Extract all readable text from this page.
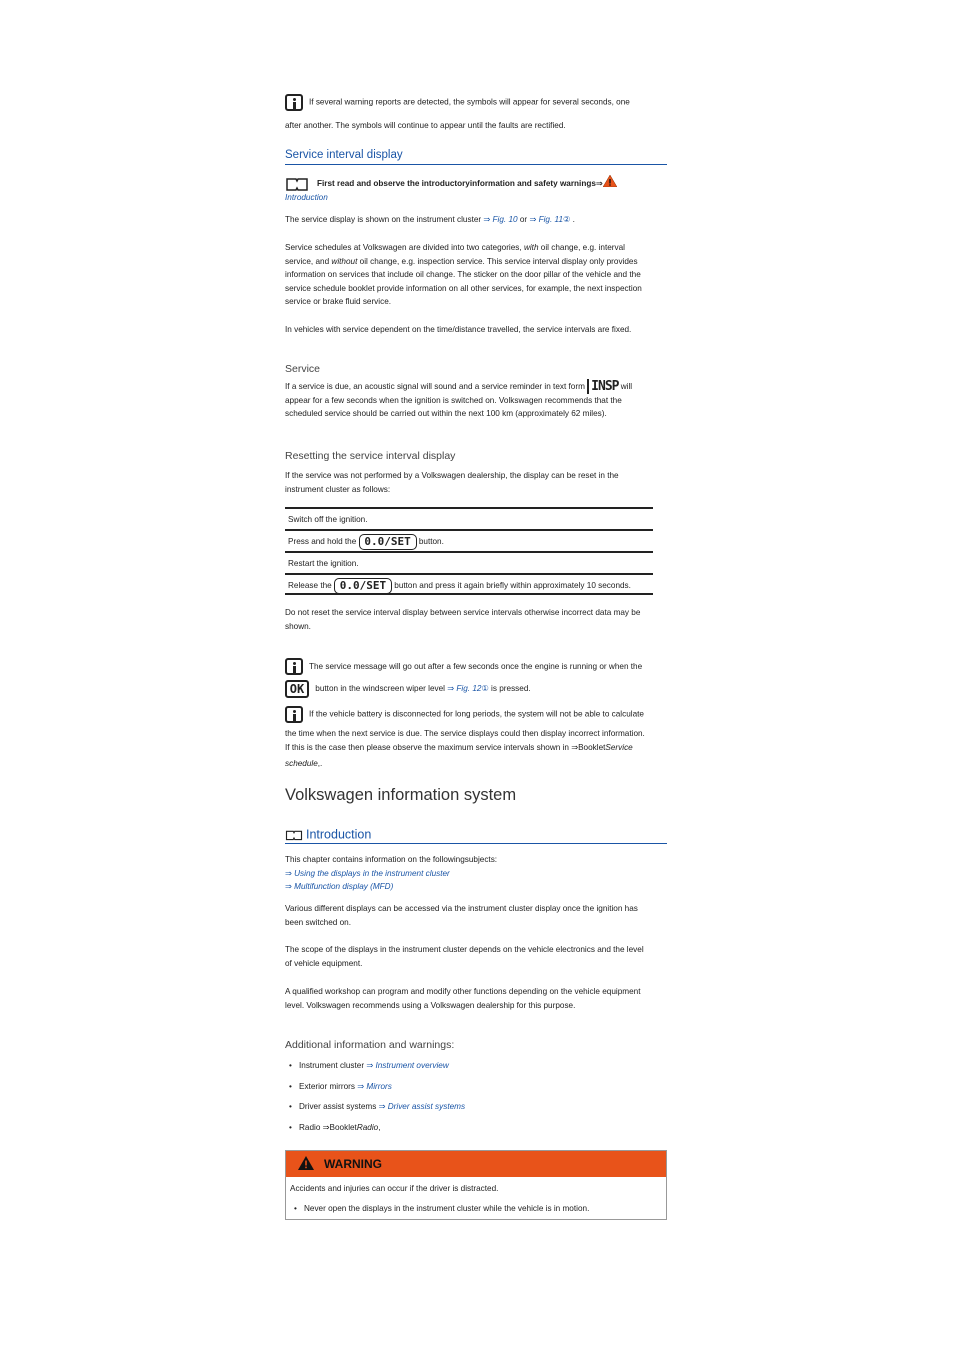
If several warning reports are detected, the symbols will appear for several seconds, one
after another. The symbols will continue to appear until the faults are rectified.
Service interval display
First read and observe the introductoryinformation and safety warnings⇒
Introduction
The service display is shown on the instrument cluster ⇒ Fig. 10 or ⇒ Fig. 11② .
Service schedules at Volkswagen are divided into two categories, with oil change, e.g. interval
service, and without oil change, e.g. inspection service. This service interval display only provides
information on services that include oil change. The sticker on the door pillar of the vehicle and the
service schedule booklet provide information on all other services, for example, the next inspection
service or brake fluid service.
In vehicles with service dependent on the time/distance travelled, the service intervals are fixed.
Service
If a service is due, an acoustic signal will sound and a service reminder in text form INSP will
appear for a few seconds when the ignition is switched on. Volkswagen recommends that the
scheduled service should be carried out within the next 100 km (approximately 62 miles).
Resetting the service interval display
If the service was not performed by a Volkswagen dealership, the display can be reset in the
instrument cluster as follows:
Switch off the ignition.
Press and hold the 0.0/SET button.
Restart the ignition.
Release the 0.0/SET button and press it again briefly within approximately 10 seconds.
Do not reset the service interval display between service intervals otherwise incorrect data may be
shown.
The service message will go out after a few seconds once the engine is running or when the
OK button in the windscreen wiper level ⇒ Fig. 12① is pressed.
If the vehicle battery is disconnected for long periods, the system will not be able to calculate
the time when the next service is due. The service displays could then display incorrect information.
If this is the case then please observe the maximum service intervals shown in ⇒BookletService
schedule,.
Volkswagen information system
Introduction
This chapter contains information on the followingsubjects:
⇒ Using the displays in the instrument cluster
⇒ Multifunction display (MFD)
Various different displays can be accessed via the instrument cluster display once the ignition has
been switched on.
The scope of the displays in the instrument cluster depends on the vehicle electronics and the level
of vehicle equipment.
A qualified workshop can program and modify other functions depending on the vehicle equipment
level. Volkswagen recommends using a Volkswagen dealership for this purpose.
Additional information and warnings:
• Instrument cluster ⇒ Instrument overview
• Exterior mirrors ⇒ Mirrors
• Driver assist systems ⇒ Driver assist systems
• Radio ⇒BookletRadio,
WARNING
Accidents and injuries can occur if the driver is distracted.
• Never open the displays in the instrument cluster while the vehicle is in motion.
